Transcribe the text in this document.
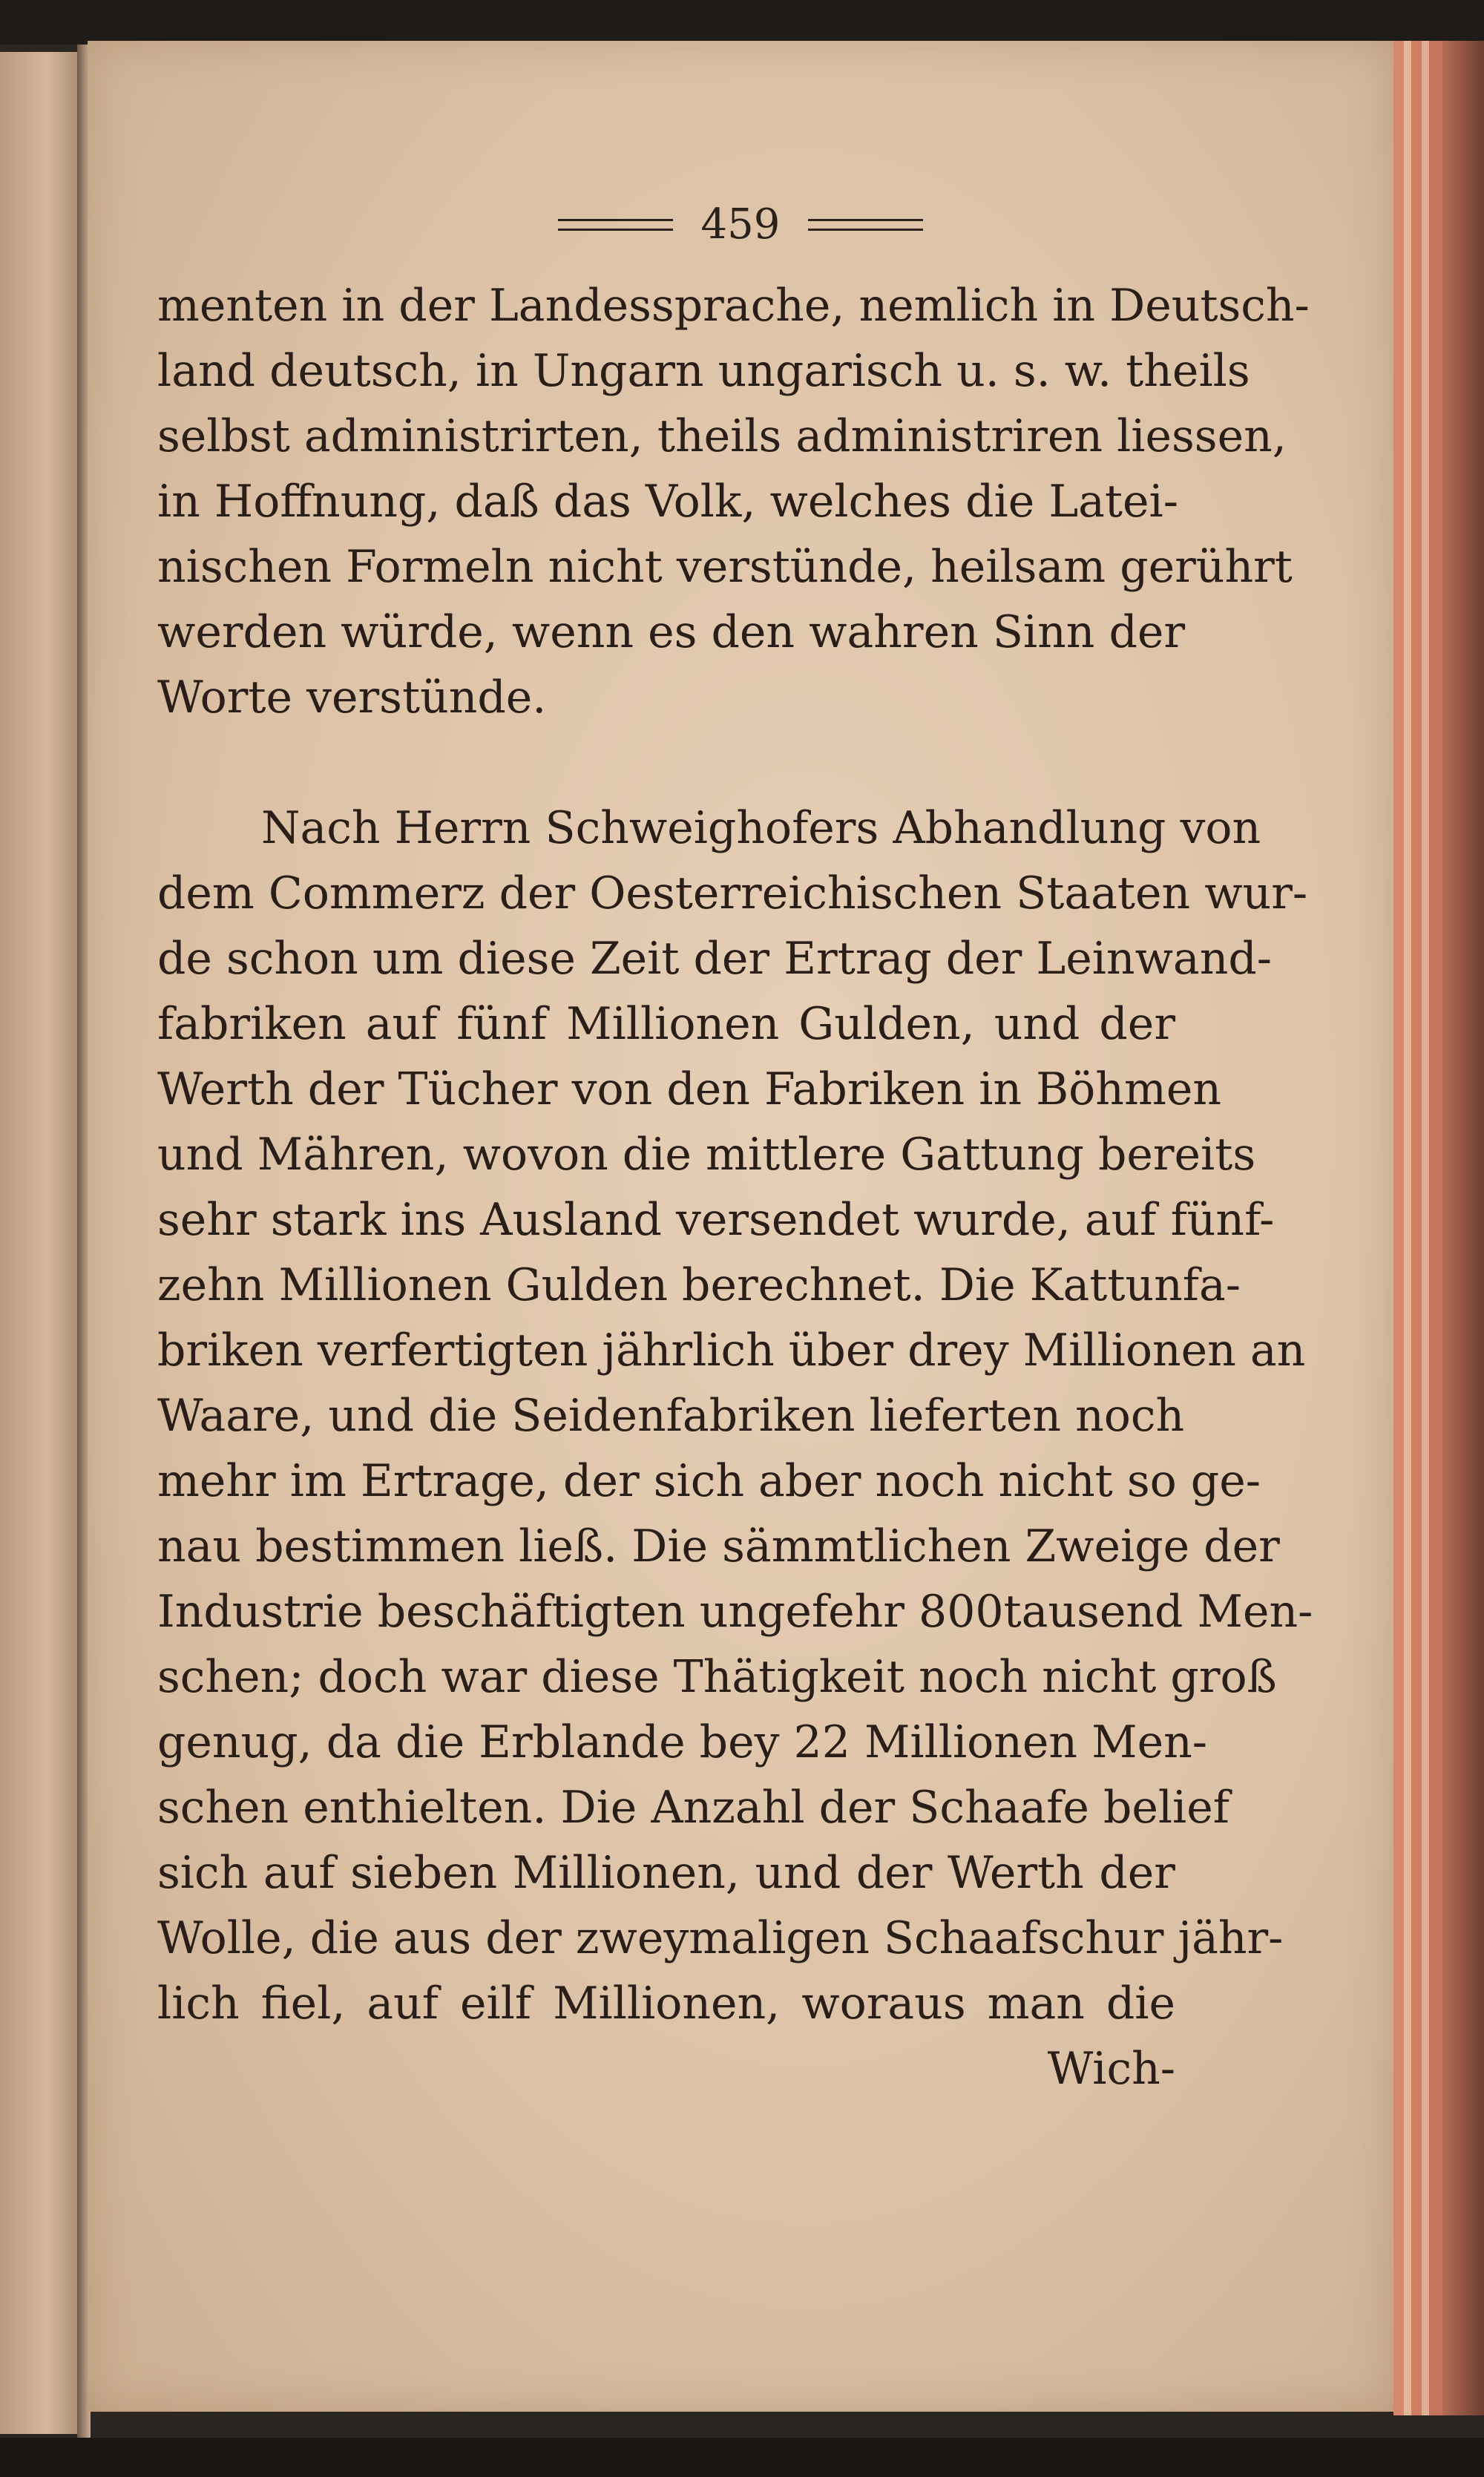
459
menten in der Landessprache, nemlich in Deutsch-
land deutsch, in Ungarn ungarisch u. s. w. theils
selbst administrirten, theils administriren liessen,
in Hoffnung, daß das Volk, welches die Latei-
nischen Formeln nicht verstünde, heilsam gerührt
werden würde, wenn es den wahren Sinn der
Worte verstünde.
Nach Herrn Schweighofers Abhandlung von
dem Commerz der Oesterreichischen Staaten wur-
de schon um diese Zeit der Ertrag der Leinwand-
fabriken auf fünf Millionen Gulden, und der
Werth der Tücher von den Fabriken in Böhmen
und Mähren, wovon die mittlere Gattung bereits
sehr stark ins Ausland versendet wurde, auf fünf-
zehn Millionen Gulden berechnet. Die Kattunfa-
briken verfertigten jährlich über drey Millionen an
Waare, und die Seidenfabriken lieferten noch
mehr im Ertrage, der sich aber noch nicht so ge-
nau bestimmen ließ. Die sämmtlichen Zweige der
Industrie beschäftigten ungefehr 800tausend Men-
schen; doch war diese Thätigkeit noch nicht groß
genug, da die Erblande bey 22 Millionen Men-
schen enthielten. Die Anzahl der Schaafe belief
sich auf sieben Millionen, und der Werth der
Wolle, die aus der zweymaligen Schaafschur jähr-
lich fiel, auf eilf Millionen, woraus man die
Wich-
